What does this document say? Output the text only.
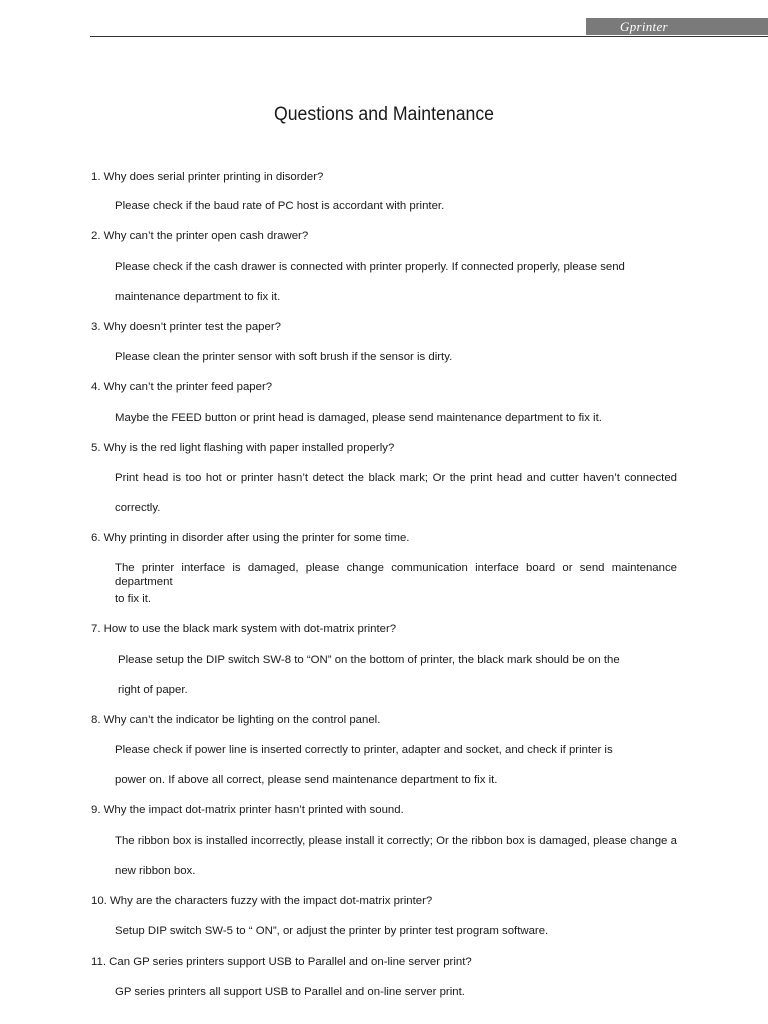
Gprinter
Questions and Maintenance
1. Why does serial printer printing in disorder?
Please check if the baud rate of PC host is accordant with printer.
2. Why can’t the printer open cash drawer?
Please check if the cash drawer is connected with printer properly. If connected properly, please send
maintenance department to fix it.
3. Why doesn’t printer test the paper?
Please clean the printer sensor with soft brush if the sensor is dirty.
4. Why can’t the printer feed paper?
Maybe the FEED button or print head is damaged, please send maintenance department to fix it.
5. Why is the red light flashing with paper installed properly?
Print head is too hot or printer hasn’t detect the black mark; Or the print head and cutter haven’t connected
correctly.
6. Why printing in disorder after using the printer for some time.
The printer interface is damaged, please change communication interface board or send maintenance department
to fix it.
7. How to use the black mark system with dot-matrix printer?
Please setup the DIP switch SW-8 to “ON” on the bottom of printer, the black mark should be on the
right of paper.
8. Why can’t the indicator be lighting on the control panel.
Please check if power line is inserted correctly to printer, adapter and socket, and check if printer is
power on. If above all correct, please send maintenance department to fix it.
9. Why the impact dot-matrix printer hasn’t printed with sound.
The ribbon box is installed incorrectly, please install it correctly; Or the ribbon box is damaged, please change a
new ribbon box.
10. Why are the characters fuzzy with the impact dot-matrix printer?
Setup DIP switch SW-5 to “ ON”, or adjust the printer by printer test program software.
11. Can GP series printers support USB to Parallel and on-line server print?
GP series printers all support USB to Parallel and on-line server print.
